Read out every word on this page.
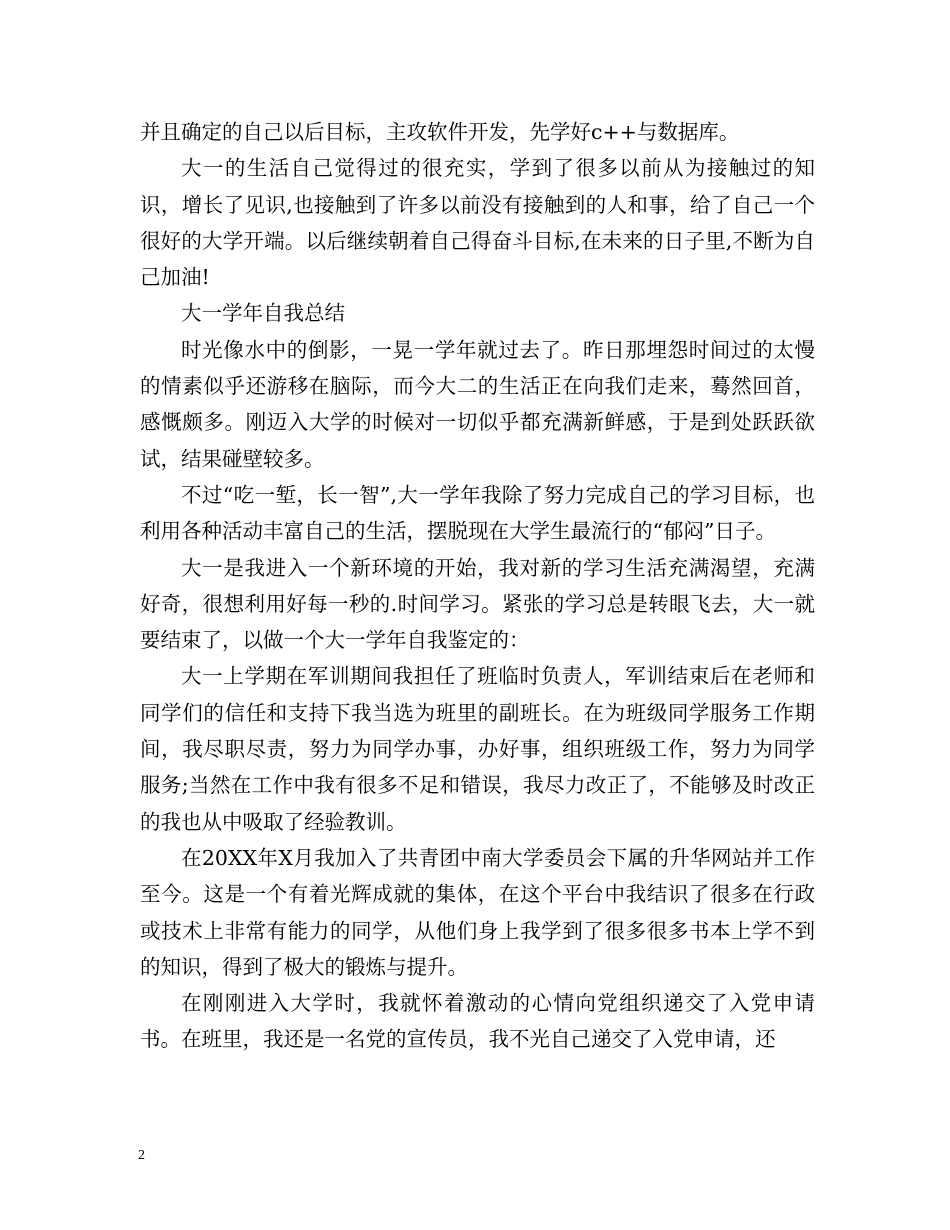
并且确定的自己以后目标，主攻软件开发，先学好c++与数据库。

大一的生活自己觉得过的很充实，学到了很多以前从为接触过的知识，增长了见识,也接触到了许多以前没有接触到的人和事，给了自己一个很好的大学开端。以后继续朝着自己得奋斗目标,在未来的日子里,不断为自己加油!

大一学年自我总结

时光像水中的倒影，一晃一学年就过去了。昨日那埋怨时间过的太慢的情素似乎还游移在脑际，而今大二的生活正在向我们走来，蓦然回首，感慨颇多。刚迈入大学的时候对一切似乎都充满新鲜感，于是到处跃跃欲试，结果碰壁较多。

不过“吃一堑，长一智”,大一学年我除了努力完成自己的学习目标，也利用各种活动丰富自己的生活，摆脱现在大学生最流行的“郁闷”日子。

大一是我进入一个新环境的开始，我对新的学习生活充满渴望，充满好奇，很想利用好每一秒的.时间学习。紧张的学习总是转眼飞去，大一就要结束了，以做一个大一学年自我鉴定的：

大一上学期在军训期间我担任了班临时负责人，军训结束后在老师和同学们的信任和支持下我当选为班里的副班长。在为班级同学服务工作期间，我尽职尽责，努力为同学办事，办好事，组织班级工作，努力为同学服务;当然在工作中我有很多不足和错误，我尽力改正了，不能够及时改正的我也从中吸取了经验教训。

在20XX年X月我加入了共青团中南大学委员会下属的升华网站并工作至今。这是一个有着光辉成就的集体，在这个平台中我结识了很多在行政或技术上非常有能力的同学，从他们身上我学到了很多很多书本上学不到的知识，得到了极大的锻炼与提升。

在刚刚进入大学时，我就怀着激动的心情向党组织递交了入党申请书。在班里，我还是一名党的宣传员，我不光自己递交了入党申请，还

2
